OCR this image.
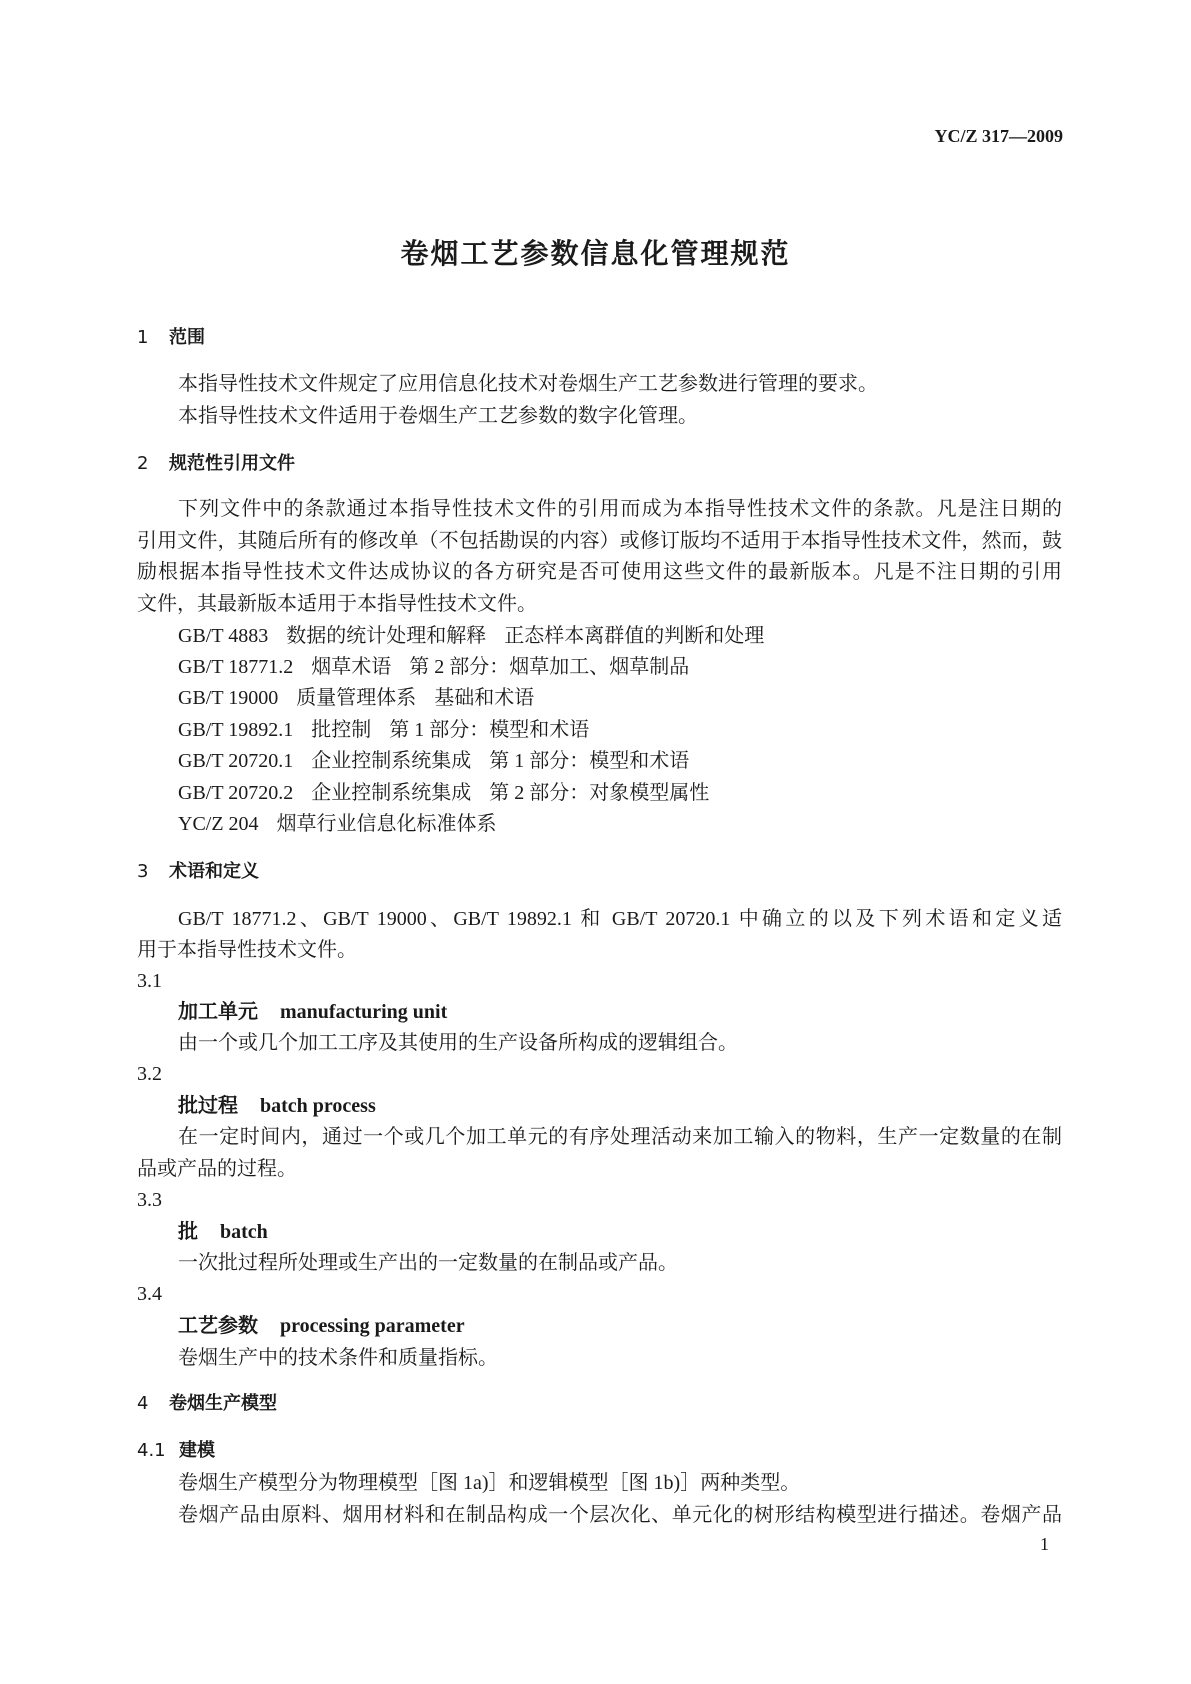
YC/Z 317—2009
卷烟工艺参数信息化管理规范
1 范围
本指导性技术文件规定了应用信息化技术对卷烟生产工艺参数进行管理的要求。
本指导性技术文件适用于卷烟生产工艺参数的数字化管理。
2 规范性引用文件
下列文件中的条款通过本指导性技术文件的引用而成为本指导性技术文件的条款。凡是注日期的
引用文件，其随后所有的修改单（不包括勘误的内容）或修订版均不适用于本指导性技术文件，然而，鼓
励根据本指导性技术文件达成协议的各方研究是否可使用这些文件的最新版本。凡是不注日期的引用
文件，其最新版本适用于本指导性技术文件。
GB/T 4883 数据的统计处理和解释 正态样本离群值的判断和处理
GB/T 18771.2 烟草术语 第 2 部分：烟草加工、烟草制品
GB/T 19000 质量管理体系 基础和术语
GB/T 19892.1 批控制 第 1 部分：模型和术语
GB/T 20720.1 企业控制系统集成 第 1 部分：模型和术语
GB/T 20720.2 企业控制系统集成 第 2 部分：对象模型属性
YC/Z 204 烟草行业信息化标准体系
3 术语和定义
GB/T 18771.2、GB/T 19000、GB/T 19892.1 和 GB/T 20720.1 中确立的以及下列术语和定义适
用于本指导性技术文件。
3.1
加工单元 manufacturing unit
由一个或几个加工工序及其使用的生产设备所构成的逻辑组合。
3.2
批过程 batch process
在一定时间内，通过一个或几个加工单元的有序处理活动来加工输入的物料，生产一定数量的在制
品或产品的过程。
3.3
批 batch
一次批过程所处理或生产出的一定数量的在制品或产品。
3.4
工艺参数 processing parameter
卷烟生产中的技术条件和质量指标。
4 卷烟生产模型
4.1 建模
卷烟生产模型分为物理模型［图 1a)］和逻辑模型［图 1b)］两种类型。
卷烟产品由原料、烟用材料和在制品构成一个层次化、单元化的树形结构模型进行描述。卷烟产品
1
